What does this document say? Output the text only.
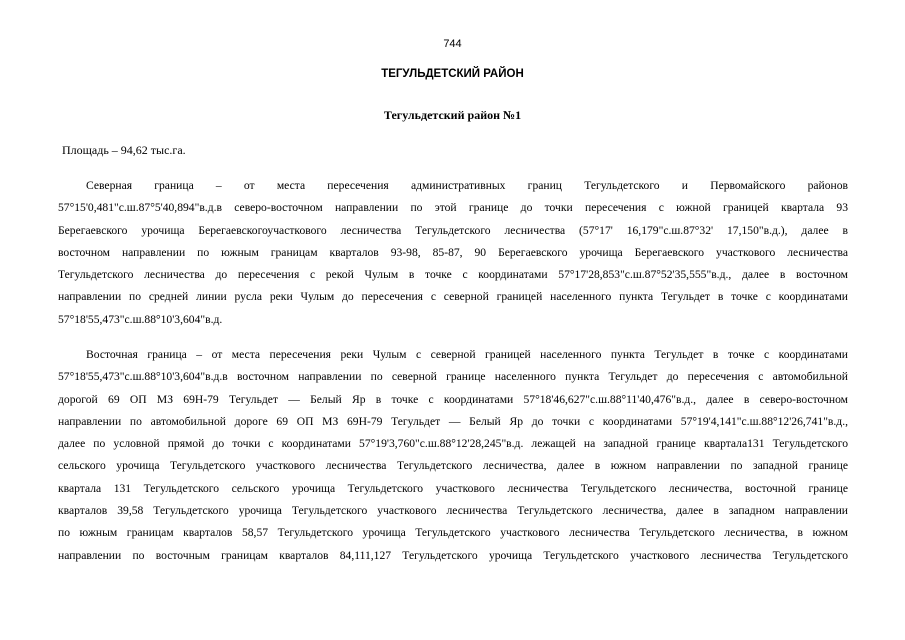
744
ТЕГУЛЬДЕТСКИЙ РАЙОН
Тегульдетский район №1
Площадь – 94,62 тыс.га.
Северная граница – от места пересечения административных границ Тегульдетского и Первомайского районов
57°15'0,481"с.ш.87°5'40,894"в.д.в северо-восточном направлении по этой границе до точки пересечения с южной границей квартала 93
Берегаевского урочища Берегаевскогоучасткового лесничества Тегульдетского лесничества (57°17' 16,179"с.ш.87°32' 17,150"в.д.), далее в
восточном направлении по южным границам кварталов 93-98, 85-87, 90 Берегаевского урочища Берегаевского участкового лесничества
Тегульдетского лесничества до пересечения с рекой Чулым в точке с координатами 57°17'28,853"с.ш.87°52'35,555"в.д., далее в восточном
направлении по средней линии русла реки Чулым до пересечения с северной границей населенного пункта Тегульдет в точке с координатами
57°18'55,473"с.ш.88°10'3,604"в.д.
Восточная граница – от места пересечения реки Чулым с северной границей населенного пункта Тегульдет в точке с координатами
57°18'55,473"с.ш.88°10'3,604"в.д.в восточном направлении по северной границе населенного пункта Тегульдет до пересечения с автомобильной
дорогой 69 ОП МЗ 69Н-79 Тегульдет — Белый Яр в точке с координатами 57°18'46,627"с.ш.88°11'40,476"в.д., далее в северо-восточном
направлении по автомобильной дороге 69 ОП МЗ 69Н-79 Тегульдет — Белый Яр до точки с координатами 57°19'4,141"с.ш.88°12'26,741"в.д.,
далее по условной прямой до точки с координатами 57°19'3,760"с.ш.88°12'28,245"в.д. лежащей на западной границе квартала131 Тегульдетского
сельского урочища Тегульдетского участкового лесничества Тегульдетского лесничества, далее в южном направлении по западной границе
квартала 131 Тегульдетского сельского урочища Тегульдетского участкового лесничества Тегульдетского лесничества, восточной границе
кварталов 39,58 Тегульдетского урочища Тегульдетского участкового лесничества Тегульдетского лесничества, далее в западном направлении
по южным границам кварталов 58,57 Тегульдетского урочища Тегульдетского участкового лесничества Тегульдетского лесничества, в южном
направлении по восточным границам кварталов 84,111,127 Тегульдетского урочища Тегульдетского участкового лесничества Тегульдетского
